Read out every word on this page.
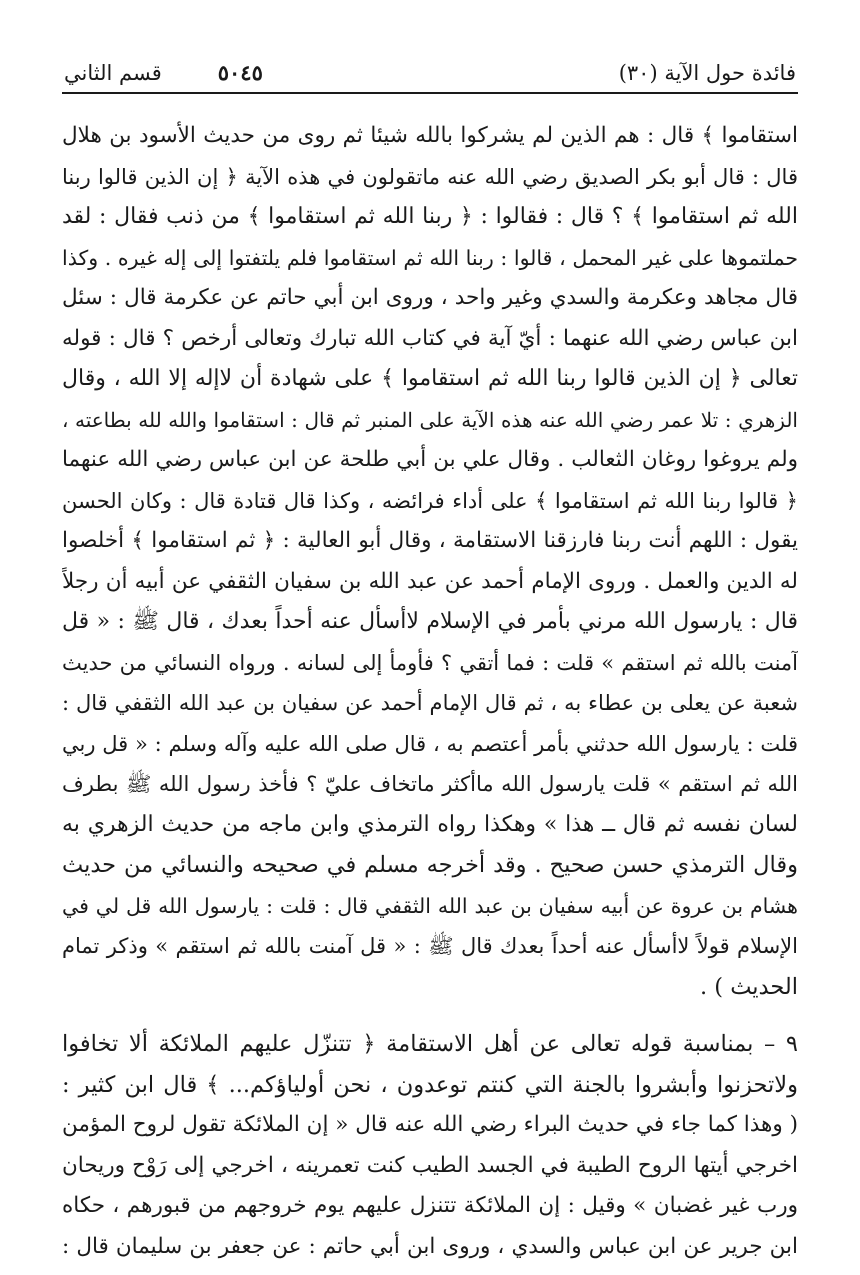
فائدة حول الآية (٣٠)
قسم الثاني	٥٠٤٥
استقاموا ﴾ قال : هم الذين لم يشركوا بالله شيئا ثم روى من حديث الأسود بن هلال
قال : قال أبو بكر الصديق رضي الله عنه ماتقولون في هذه الآية ﴿ إن الذين قالوا ربنا
الله ثم استقاموا ﴾ ؟ قال : فقالوا : ﴿ ربنا الله ثم استقاموا ﴾ من ذنب فقال : لقد
حملتموها على غير المحمل ، قالوا : ربنا الله ثم استقاموا فلم يلتفتوا إلى إله غيره . وكذا
قال مجاهد وعكرمة والسدي وغير واحد ، وروى ابن أبي حاتم عن عكرمة قال : سئل
ابن عباس رضي الله عنهما : أيّ آية في كتاب الله تبارك وتعالى أرخص ؟ قال : قوله
تعالى ﴿ إن الذين قالوا ربنا الله ثم استقاموا ﴾ على شهادة أن لاإله إلا الله ، وقال
الزهري : تلا عمر رضي الله عنه هذه الآية على المنبر ثم قال : استقاموا والله لله بطاعته ،
ولم يروغوا روغان الثعالب . وقال علي بن أبي طلحة عن ابن عباس رضي الله عنهما
﴿ قالوا ربنا الله ثم استقاموا ﴾ على أداء فرائضه ، وكذا قال قتادة قال : وكان الحسن
يقول : اللهم أنت ربنا فارزقنا الاستقامة ، وقال أبو العالية : ﴿ ثم استقاموا ﴾ أخلصوا
له الدين والعمل . وروى الإمام أحمد عن عبد الله بن سفيان الثقفي عن أبيه أن رجلاً
قال : يارسول الله مرني بأمر في الإسلام لاأسأل عنه أحداً بعدك ، قال ﷺ : « قل
آمنت بالله ثم استقم » قلت : فما أتقي ؟ فأومأ إلى لسانه . ورواه النسائي من حديث
شعبة عن يعلى بن عطاء به ، ثم قال الإمام أحمد عن سفيان بن عبد الله الثقفي قال :
قلت : يارسول الله حدثني بأمر أعتصم به ، قال صلى الله عليه وآله وسلم : « قل ربي
الله ثم استقم » قلت يارسول الله ماأكثر ماتخاف عليّ ؟ فأخذ رسول الله ﷺ بطرف
لسان نفسه ثم قال ــ هذا » وهكذا رواه الترمذي وابن ماجه من حديث الزهري به
وقال الترمذي حسن صحيح . وقد أخرجه مسلم في صحيحه والنسائي من حديث
هشام بن عروة عن أبيه سفيان بن عبد الله الثقفي قال : قلت : يارسول الله قل لي في
الإسلام قولاً لاأسأل عنه أحداً بعدك قال ﷺ : « قل آمنت بالله ثم استقم » وذكر تمام
الحديث ) .
٩ – بمناسبة قوله تعالى عن أهل الاستقامة ﴿ تتنزّل عليهم الملائكة ألا تخافوا
ولاتحزنوا وأبشروا بالجنة التي كنتم توعدون ، نحن أولياؤكم... ﴾ قال ابن كثير :
( وهذا كما جاء في حديث البراء رضي الله عنه قال « إن الملائكة تقول لروح المؤمن
اخرجي أيتها الروح الطيبة في الجسد الطيب كنت تعمرينه ، اخرجي إلى رَوْح وريحان
ورب غير غضبان » وقيل : إن الملائكة تتنزل عليهم يوم خروجهم من قبورهم ، حكاه
ابن جرير عن ابن عباس والسدي ، وروى ابن أبي حاتم : عن جعفر بن سليمان قال :
